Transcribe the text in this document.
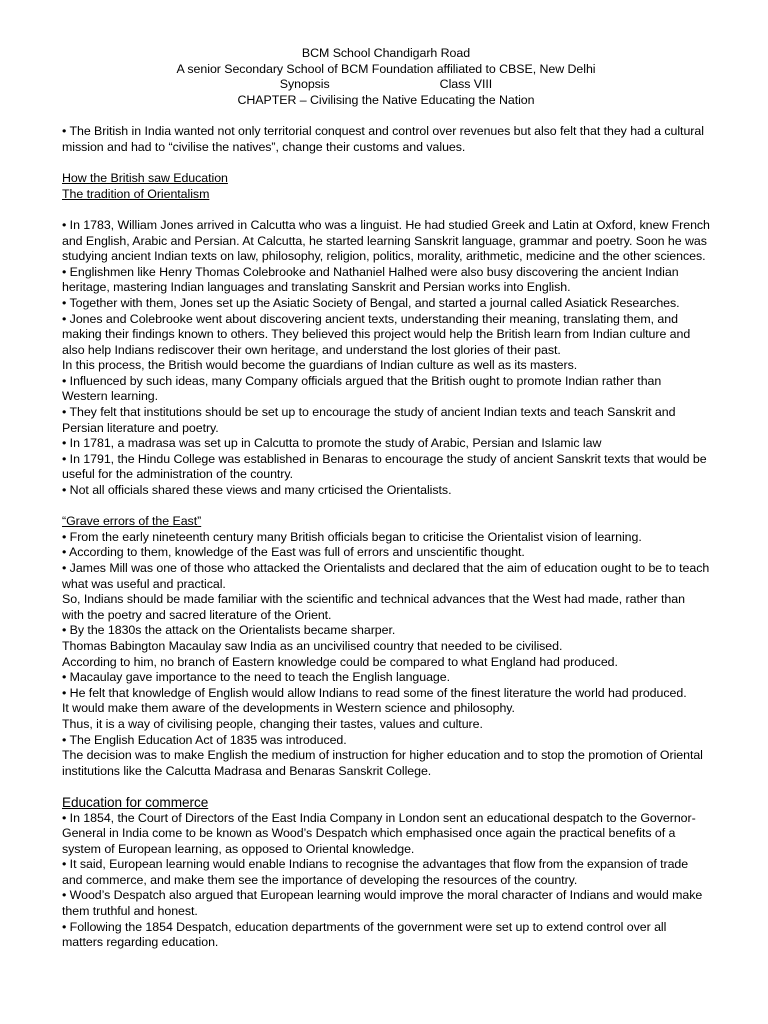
BCM School Chandigarh Road
A senior Secondary School of BCM Foundation affiliated to CBSE, New Delhi
Synopsis	Class VIII
CHAPTER – Civilising the Native Educating the Nation

• The British in India wanted not only territorial conquest and control over revenues but also felt that they had a cultural mission and had to “civilise the natives”, change their customs and values.

How the British saw Education

The tradition of Orientalism

• In 1783, William Jones arrived in Calcutta who was a linguist. He had studied Greek and Latin at Oxford, knew French and English, Arabic and Persian. At Calcutta, he started learning Sanskrit language, grammar and poetry. Soon he was studying ancient Indian texts on law, philosophy, religion, politics, morality, arithmetic, medicine and the other sciences.

• Englishmen like Henry Thomas Colebrooke and Nathaniel Halhed were also busy discovering the ancient Indian heritage, mastering Indian languages and translating Sanskrit and Persian works into English.

• Together with them, Jones set up the Asiatic Society of Bengal, and started a journal called Asiatick Researches.

• Jones and Colebrooke went about discovering ancient texts, understanding their meaning, translating them, and making their findings known to others. They believed this project would help the British learn from Indian culture and also help Indians rediscover their own heritage, and understand the lost glories of their past.

In this process, the British would become the guardians of Indian culture as well as its masters.

• Influenced by such ideas, many Company officials argued that the British ought to promote Indian rather than Western learning.

• They felt that institutions should be set up to encourage the study of ancient Indian texts and teach Sanskrit and Persian literature and poetry.

• In 1781, a madrasa was set up in Calcutta to promote the study of Arabic, Persian and Islamic law

• In 1791, the Hindu College was established in Benaras to encourage the study of ancient Sanskrit texts that would be useful for the administration of the country.

• Not all officials shared these views and many crticised the Orientalists.

“Grave errors of the East”

• From the early nineteenth century many British officials began to criticise the Orientalist vision of learning.

• According to them, knowledge of the East was full of errors and unscientific thought.

• James Mill was one of those who attacked the Orientalists and declared that the aim of education ought to be to teach what was useful and practical.

So, Indians should be made familiar with the scientific and technical advances that the West had made, rather than with the poetry and sacred literature of the Orient.

• By the 1830s the attack on the Orientalists became sharper.

Thomas Babington Macaulay saw India as an uncivilised country that needed to be civilised.

According to him, no branch of Eastern knowledge could be compared to what England had produced.

• Macaulay gave importance to the need to teach the English language.

• He felt that knowledge of English would allow Indians to read some of the finest literature the world had produced.

It would make them aware of the developments in Western science and philosophy.

Thus, it is a way of civilising people, changing their tastes, values and culture.

• The English Education Act of 1835 was introduced.

The decision was to make English the medium of instruction for higher education and to stop the promotion of Oriental institutions like the Calcutta Madrasa and Benaras Sanskrit College.

Education for commerce

• In 1854, the Court of Directors of the East India Company in London sent an educational despatch to the Governor-General in India come to be known as Wood’s Despatch which emphasised once again the practical benefits of a system of European learning, as opposed to Oriental knowledge.

• It said, European learning would enable Indians to recognise the advantages that flow from the expansion of trade and commerce, and make them see the importance of developing the resources of the country.

• Wood’s Despatch also argued that European learning would improve the moral character of Indians and would make them truthful and honest.

• Following the 1854 Despatch, education departments of the government were set up to extend control over all matters regarding education.
